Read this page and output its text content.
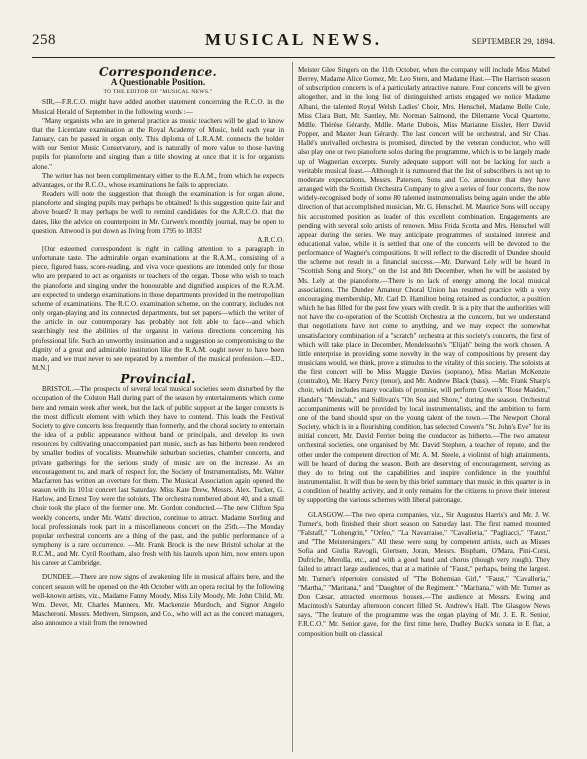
258	MUSICAL NEWS.	SEPTEMBER 29, 1894.
Correspondence.
A Questionable Position.
TO THE EDITOR OF "MUSICAL NEWS."

SIR,—F.R.C.O. might have added another statement concerning the R.C.O. in the Musical Herald of September in the following words :—

"Many organists who are in general practice as music teachers will be glad to know that the Licentiate examination at the Royal Academy of Music, held each year in January, can be passed in organ only. This diploma of L.R.A.M. connects the holder with our Senior Music Conservatory, and is naturally of more value to those having pupils for pianoforte and singing than a title showing at once that it is for organists alone."

The writer has not been complimentary either to the R.A.M., from which he expects advantages, or the R.C.O., whose examinations he fails to appreciate.

Readers will note the suggestion that though the examination is for organ alone, pianoforte and singing pupils may perhaps be obtained! Is this suggestion quite fair and above board? It may perhaps be well to remind candidates for the A.R.C.O. that the dates, like the advice on counterpoint in Mr. Curwen's monthly journal, may be open to question. Attwood is put down as living from 1795 to 1835!

A.R.C.O.

[Our esteemed correspondent is right in calling attention to a paragraph in unfortunate taste. The admirable organ examinations at the R.A.M., consisting of a piece, figured bass, score-reading, and viva voce questions are intended only for those who are prepared to act as organists or teachers of the organ. Those who wish to teach the pianoforte and singing under the honourable and dignified auspices of the R.A.M. are expected to undergo examinations in those departments provided in the metropolitan scheme of examinations. The R.C.O. examination scheme, on the contrary, includes not only organ-playing and its connected departments, but set papers—which the writer of the article in our contemporary has probably not felt able to face—and which searchingly test the abilities of the organist in various directions concerning his professional life. Such an unworthy insinuation and a suggestion so compromising to the dignity of a great and admirable institution like the R.A.M. ought never to have been made, and we trust never to see repeated by a member of the musical profession.—ED., M.N.]

Provincial.

BRISTOL.—The prospects of several local musical societies seem disturbed by the occupation of the Colston Hall during part of the season by entertainments which come here and remain week after week, but the lack of public support at the larger concerts is the most difficult element with which they have to contend. This leads the Festival Society to give concerts less frequently than formerly, and the choral society to entertain the idea of a public appearance without band or principals, and develop its own resources by cultivating unaccompanied part music, such as has hitherto been rendered by smaller bodies of vocalists. Meanwhile suburban societies, chamber concerts, and private gatherings for the serious study of music are on the increase. As an encouragement to, and mark of respect for, the Society of Instrumentalists, Mr. Walter Macfarren has written an overture for them. The Musical Association again opened the season with its 101st concert last Saturday. Miss Kate Drew, Messrs. Alex. Tucker, G. Harlow, and Ernest Toy were the soloists. The orchestra numbered about 40, and a small choir took the place of the former one. Mr. Gordon conducted.—The new Clifton Spa weekly concerts, under Mr. Watts' direction, continue to attract. Madame Sterling and local professionals took part in a miscellaneous concert on the 25th.—The Monday popular orchestral concerts are a thing of the past, and the public performance of a symphony is a rare occurrence. —Mr. Frank Brock is the new Bristol scholar at the R.C.M., and Mr. Cyril Rootham, also fresh with his laurels upon him, now enters upon his career at Cambridge.

DUNDEE.—There are now signs of awakening life in musical affairs here, and the concert season will be opened on the 4th October with an opera recital by the following well-known artists, viz., Madame Fanny Moody, Miss Lily Moody, Mr. John Child, Mr. Wm. Dever, Mr. Charles Manners, Mr. Mackenzie Murdoch, and Signor Angelo Mascheroni. Messrs. Methven, Simpson, and Co., who will act as the concert managers, also announce a visit from the renowned

Meister Glee Singers on the 11th October, when the company will include Miss Mabel Berrey, Madame Alice Gomez, Mr. Leo Stern, and Madame Hast.—The Harrison season of subscription concerts is of a particularly attractive nature. Four concerts will be given altogether, and in the long list of distinguished artists engaged we notice Madame Albani, the talented Royal Welsh Ladies' Choir, Mrs. Henschel, Madame Belle Cole, Miss Clara Butt, Mr. Santley, Mr. Norman Salmond, the Dilettante Vocal Quartette, Mdlle. Thérèse Gérardy, Mdlle. Marie Dubois, Miss Marianne Eissler, Herr David Popper, and Master Jean Gérardy. The last concert will be orchestral, and Sir Chas. Hallé's unrivalled orchestra is promised, directed by the veteran conductor, who will also play one or two pianoforte solos during the programme, which is to be largely made up of Wagnerian excerpts. Surely adequate support will not be lacking for such a veritable musical feast.—Although it is rumoured that the list of subscribers is not up to moderate expectations, Messrs. Paterson, Sons and Co. announce that they have arranged with the Scottish Orchestra Company to give a series of four concerts, the now widely-recognised body of some 80 talented instrumentalists being again under the able direction of that accomplished musician, Mr. G. Henschel. M. Maurice Sons will occupy his accustomed position as leader of this excellent combination. Engagements are pending with several solo artists of renown. Miss Frida Scotta and Mrs. Henschel will appear during the series. We may anticipate programmes of sustained interest and educational value, while it is settled that one of the concerts will be devoted to the performance of Wagner's compositions. It will reflect to the discredit of Dundee should the scheme not result in a financial success.—Mr. Durward Lely will be heard in "Scottish Song and Story," on the 1st and 8th December, when he will be assisted by Ms. Lely at the pianoforte.—There is no lack of energy among the local musical associations. The Dundee Amateur Choral Union has resumed practice with a very encouraging membership, Mr. Carl D. Hamilton being retained as conductor, a position which he has filled for the past few years with credit. It is a pity that the authorities will not have the co-operation of the Scottish Orchestra at the concerts, but we understand that negotiations have not come to anything, and we may expect the somewhat unsatisfactory combination of a "scratch" orchestra at this society's concerts, the first of which will take place in December, Mendelssohn's "Elijah" being the work chosen. A little enterprise in providing some novelty in the way of compositions by present day musicians would, we think, prove a stimulus to the vitality of this society. The soloists at the first concert will be Miss Maggie Davies (soprano), Miss Marian McKenzie (contralto), Mr. Harry Percy (tenor), and Mr. Andrew Black (bass). —Mr. Frank Sharp's choir, which includes many vocalists of promise, will perform Cowen's "Rose Maiden," Handel's "Messiah," and Sullivan's "On Sea and Shore," during the season. Orchestral accompaniments will be provided by local instrumentalists, and the ambition to form one of the band should spur on the young talent of the town.—The Newport Choral Society, which is in a flourishing condition, has selected Cowen's "St. John's Eve" for its initial concert, Mr. David Ferrier being the conductor as hitherto.—The two amateur orchestral societies, one organised by Mr. David Stephen, a teacher of repute, and the other under the competent direction of Mr. A. M. Steele, a violinist of high attainments, will be heard of during the season. Both are deserving of encouragement, serving as they do to bring out the capabilities and inspire confidence in the youthful instrumentalist. It will thus be seen by this brief summary that music in this quarter is in a condition of healthy activity, and it only remains for the citizens to prove their interest by supporting the various schemes with liberal patronage.

GLASGOW.—The two opera companies, viz., Sir Augustus Harris's and Mr. J. W. Turner's, both finished their short season on Saturday last. The first named mounted "Falstaff," "Lohengrin," "Orfeo," "La Navarraise," "Cavalleria," "Pagliacci," "Faust," and "The Meistersingers." All these were sung by competent artists, such as Misses Sofia and Giulia Ravogli, Giertsen, Joran, Messrs. Bispham, O'Mara, Pini-Corsi, Dufriche, Merolla, etc., and with a good band and chorus (though very rough). They failed to attract large audiences, that at a matinée of "Faust," perhaps, being the largest. Mr. Turner's répertoire consisted of "The Bohemian Girl," "Faust," "Cavalleria," "Martha," "Maritana," and "Daughter of the Regiment." "Maritana," with Mr. Turner as Don Cæsar, attracted enormous houses.—The audience at Messrs. Ewing and Macintosh's Saturday afternoon concert filled St. Andrew's Hall. The Glasgow News says, "The feature of the programme was the organ playing of Mr. J. E. R. Senior, F.R.C.O." Mr. Senior gave, for the first time here, Dudley Buck's sonata in E flat, a composition built on classical
